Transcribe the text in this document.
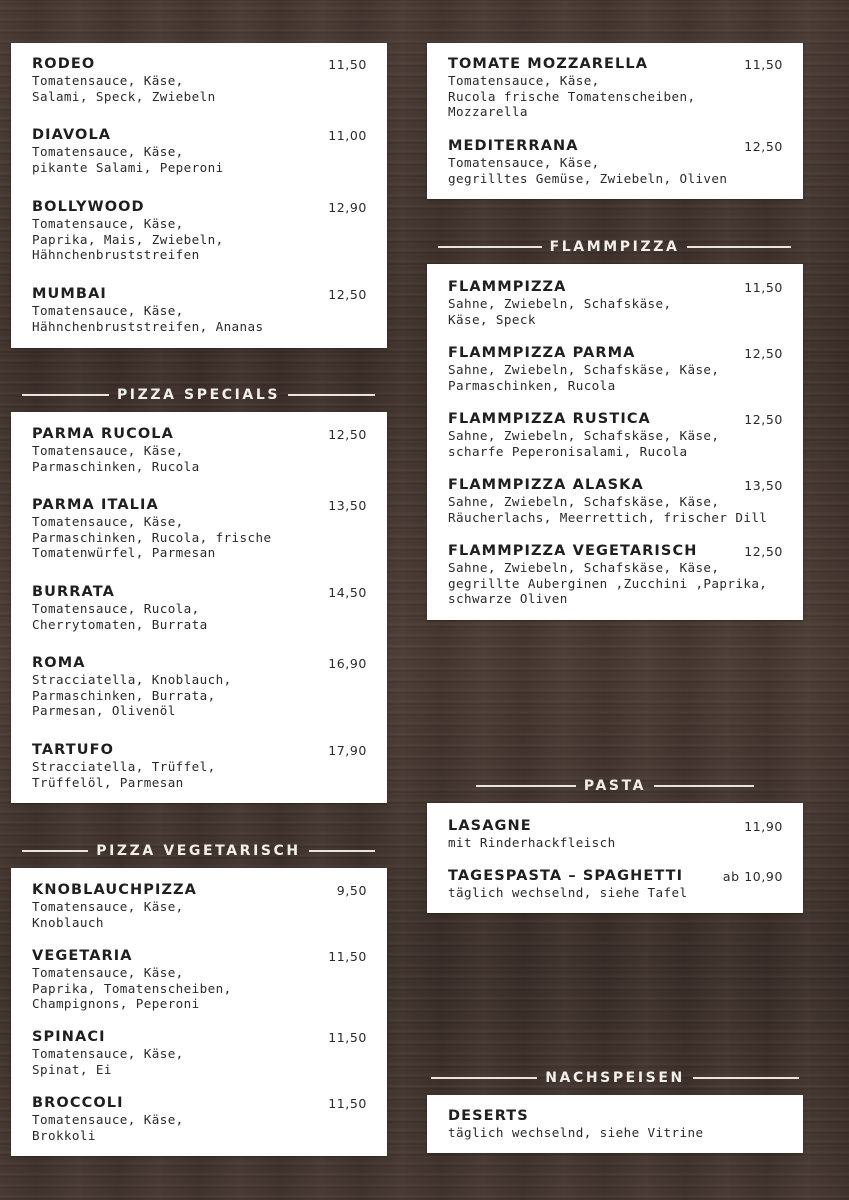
RODEO	11,50
Tomatensauce, Käse,
Salami, Speck, Zwiebeln
DIAVOLA	11,00
Tomatensauce, Käse,
pikante Salami, Peperoni
BOLLYWOOD	12,90
Tomatensauce, Käse,
Paprika, Mais, Zwiebeln,
Hähnchenbruststreifen
MUMBAI	12,50
Tomatensauce, Käse,
Hähnchenbruststreifen, Ananas
PIZZA SPECIALS
PARMA RUCOLA	12,50
Tomatensauce, Käse,
Parmaschinken, Rucola
PARMA ITALIA	13,50
Tomatensauce, Käse,
Parmaschinken, Rucola, frische
Tomatenwürfel, Parmesan
BURRATA	14,50
Tomatensauce, Rucola,
Cherrytomaten, Burrata
ROMA	16,90
Stracciatella, Knoblauch,
Parmaschinken, Burrata,
Parmesan, Olivenöl
TARTUFO	17,90
Stracciatella, Trüffel,
Trüffelöl, Parmesan
PIZZA VEGETARISCH
KNOBLAUCHPIZZA	9,50
Tomatensauce, Käse,
Knoblauch
VEGETARIA	11,50
Tomatensauce, Käse,
Paprika, Tomatenscheiben,
Champignons, Peperoni
SPINACI	11,50
Tomatensauce, Käse,
Spinat, Ei
BROCCOLI	11,50
Tomatensauce, Käse,
Brokkoli
TOMATE MOZZARELLA	11,50
Tomatensauce, Käse,
Rucola frische Tomatenscheiben,
Mozzarella
MEDITERRANA	12,50
Tomatensauce, Käse,
gegrilltes Gemüse, Zwiebeln, Oliven
FLAMMPIZZA
FLAMMPIZZA	11,50
Sahne, Zwiebeln, Schafskäse,
Käse, Speck
FLAMMPIZZA PARMA	12,50
Sahne, Zwiebeln, Schafskäse, Käse,
Parmaschinken, Rucola
FLAMMPIZZA RUSTICA	12,50
Sahne, Zwiebeln, Schafskäse, Käse,
scharfe Peperonisalami, Rucola
FLAMMPIZZA ALASKA	13,50
Sahne, Zwiebeln, Schafskäse, Käse,
Räucherlachs, Meerrettich, frischer Dill
FLAMMPIZZA VEGETARISCH	12,50
Sahne, Zwiebeln, Schafskäse, Käse,
gegrillte Auberginen ,Zucchini ,Paprika,
schwarze Oliven
PASTA
LASAGNE	11,90
mit Rinderhackfleisch
TAGESPASTA – SPAGHETTI	ab 10,90
täglich wechselnd, siehe Tafel
NACHSPEISEN
DESERTS
täglich wechselnd, siehe Vitrine
